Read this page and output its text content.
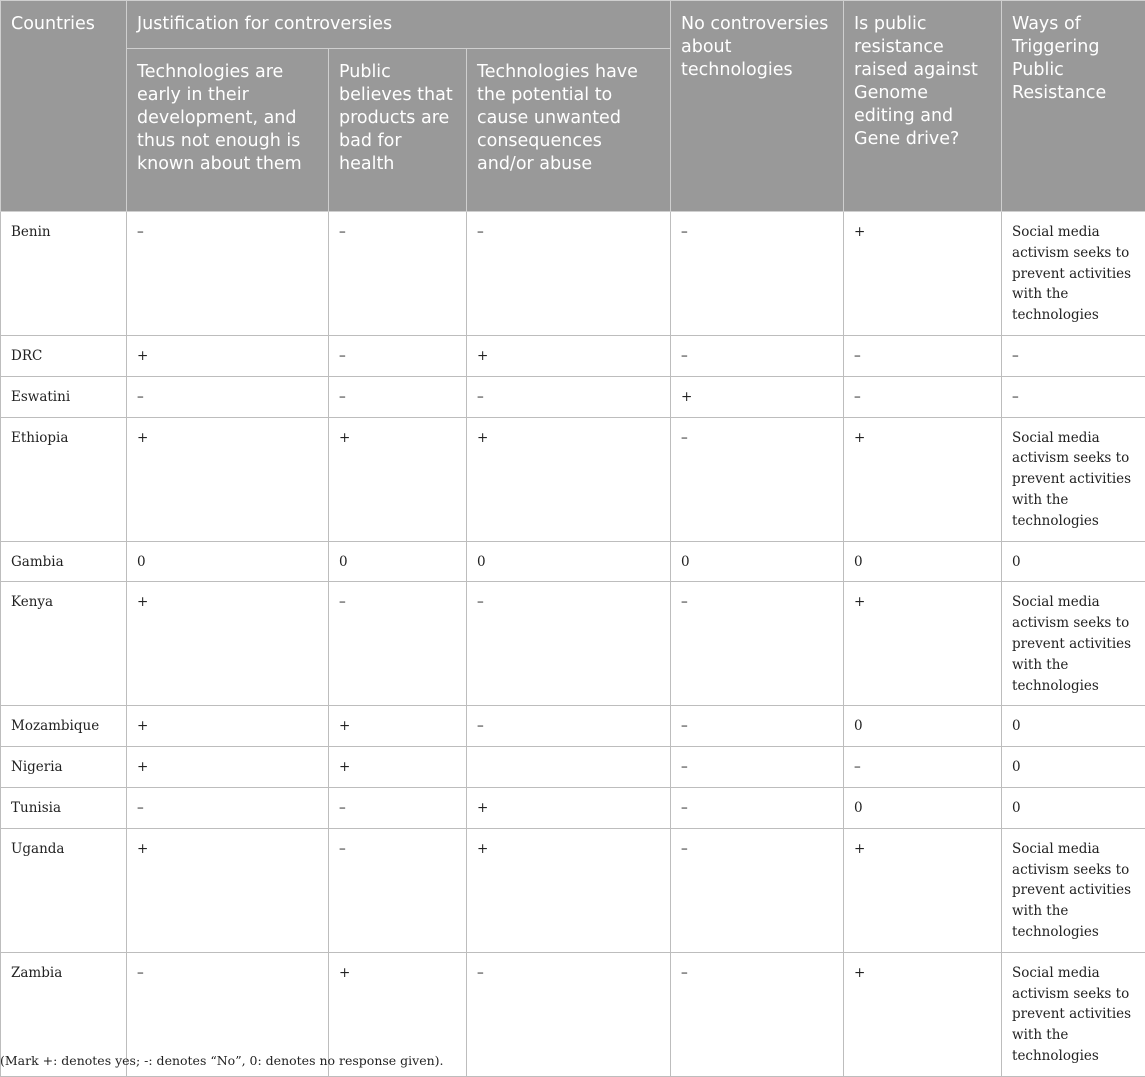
Countries	Justification for controversies			No controversies about technologies	Is public resistance raised against Genome editing and Gene drive?	Ways of Triggering Public Resistance
	Technologies are early in their development, and thus not enough is known about them	Public believes that products are bad for health	Technologies have the potential to cause unwanted consequences and/or abuse			
Benin	–	–	–	–	+	Social media activism seeks to prevent activities with the technologies
DRC	+	–	+	–	–	–
Eswatini	–	–	–	+	–	–
Ethiopia	+	+	+	–	+	Social media activism seeks to prevent activities with the technologies
Gambia	0	0	0	0	0	0
Kenya	+	–	–	–	+	Social media activism seeks to prevent activities with the technologies
Mozambique	+	+	–	–	0	0
Nigeria	+	+		–	–	0
Tunisia	–	–	+	–	0	0
Uganda	+	–	+	–	+	Social media activism seeks to prevent activities with the technologies
Zambia	–	+	–	–	+	Social media activism seeks to prevent activities with the technologies
(Mark +: denotes yes; -: denotes “No”, 0: denotes no response given).
